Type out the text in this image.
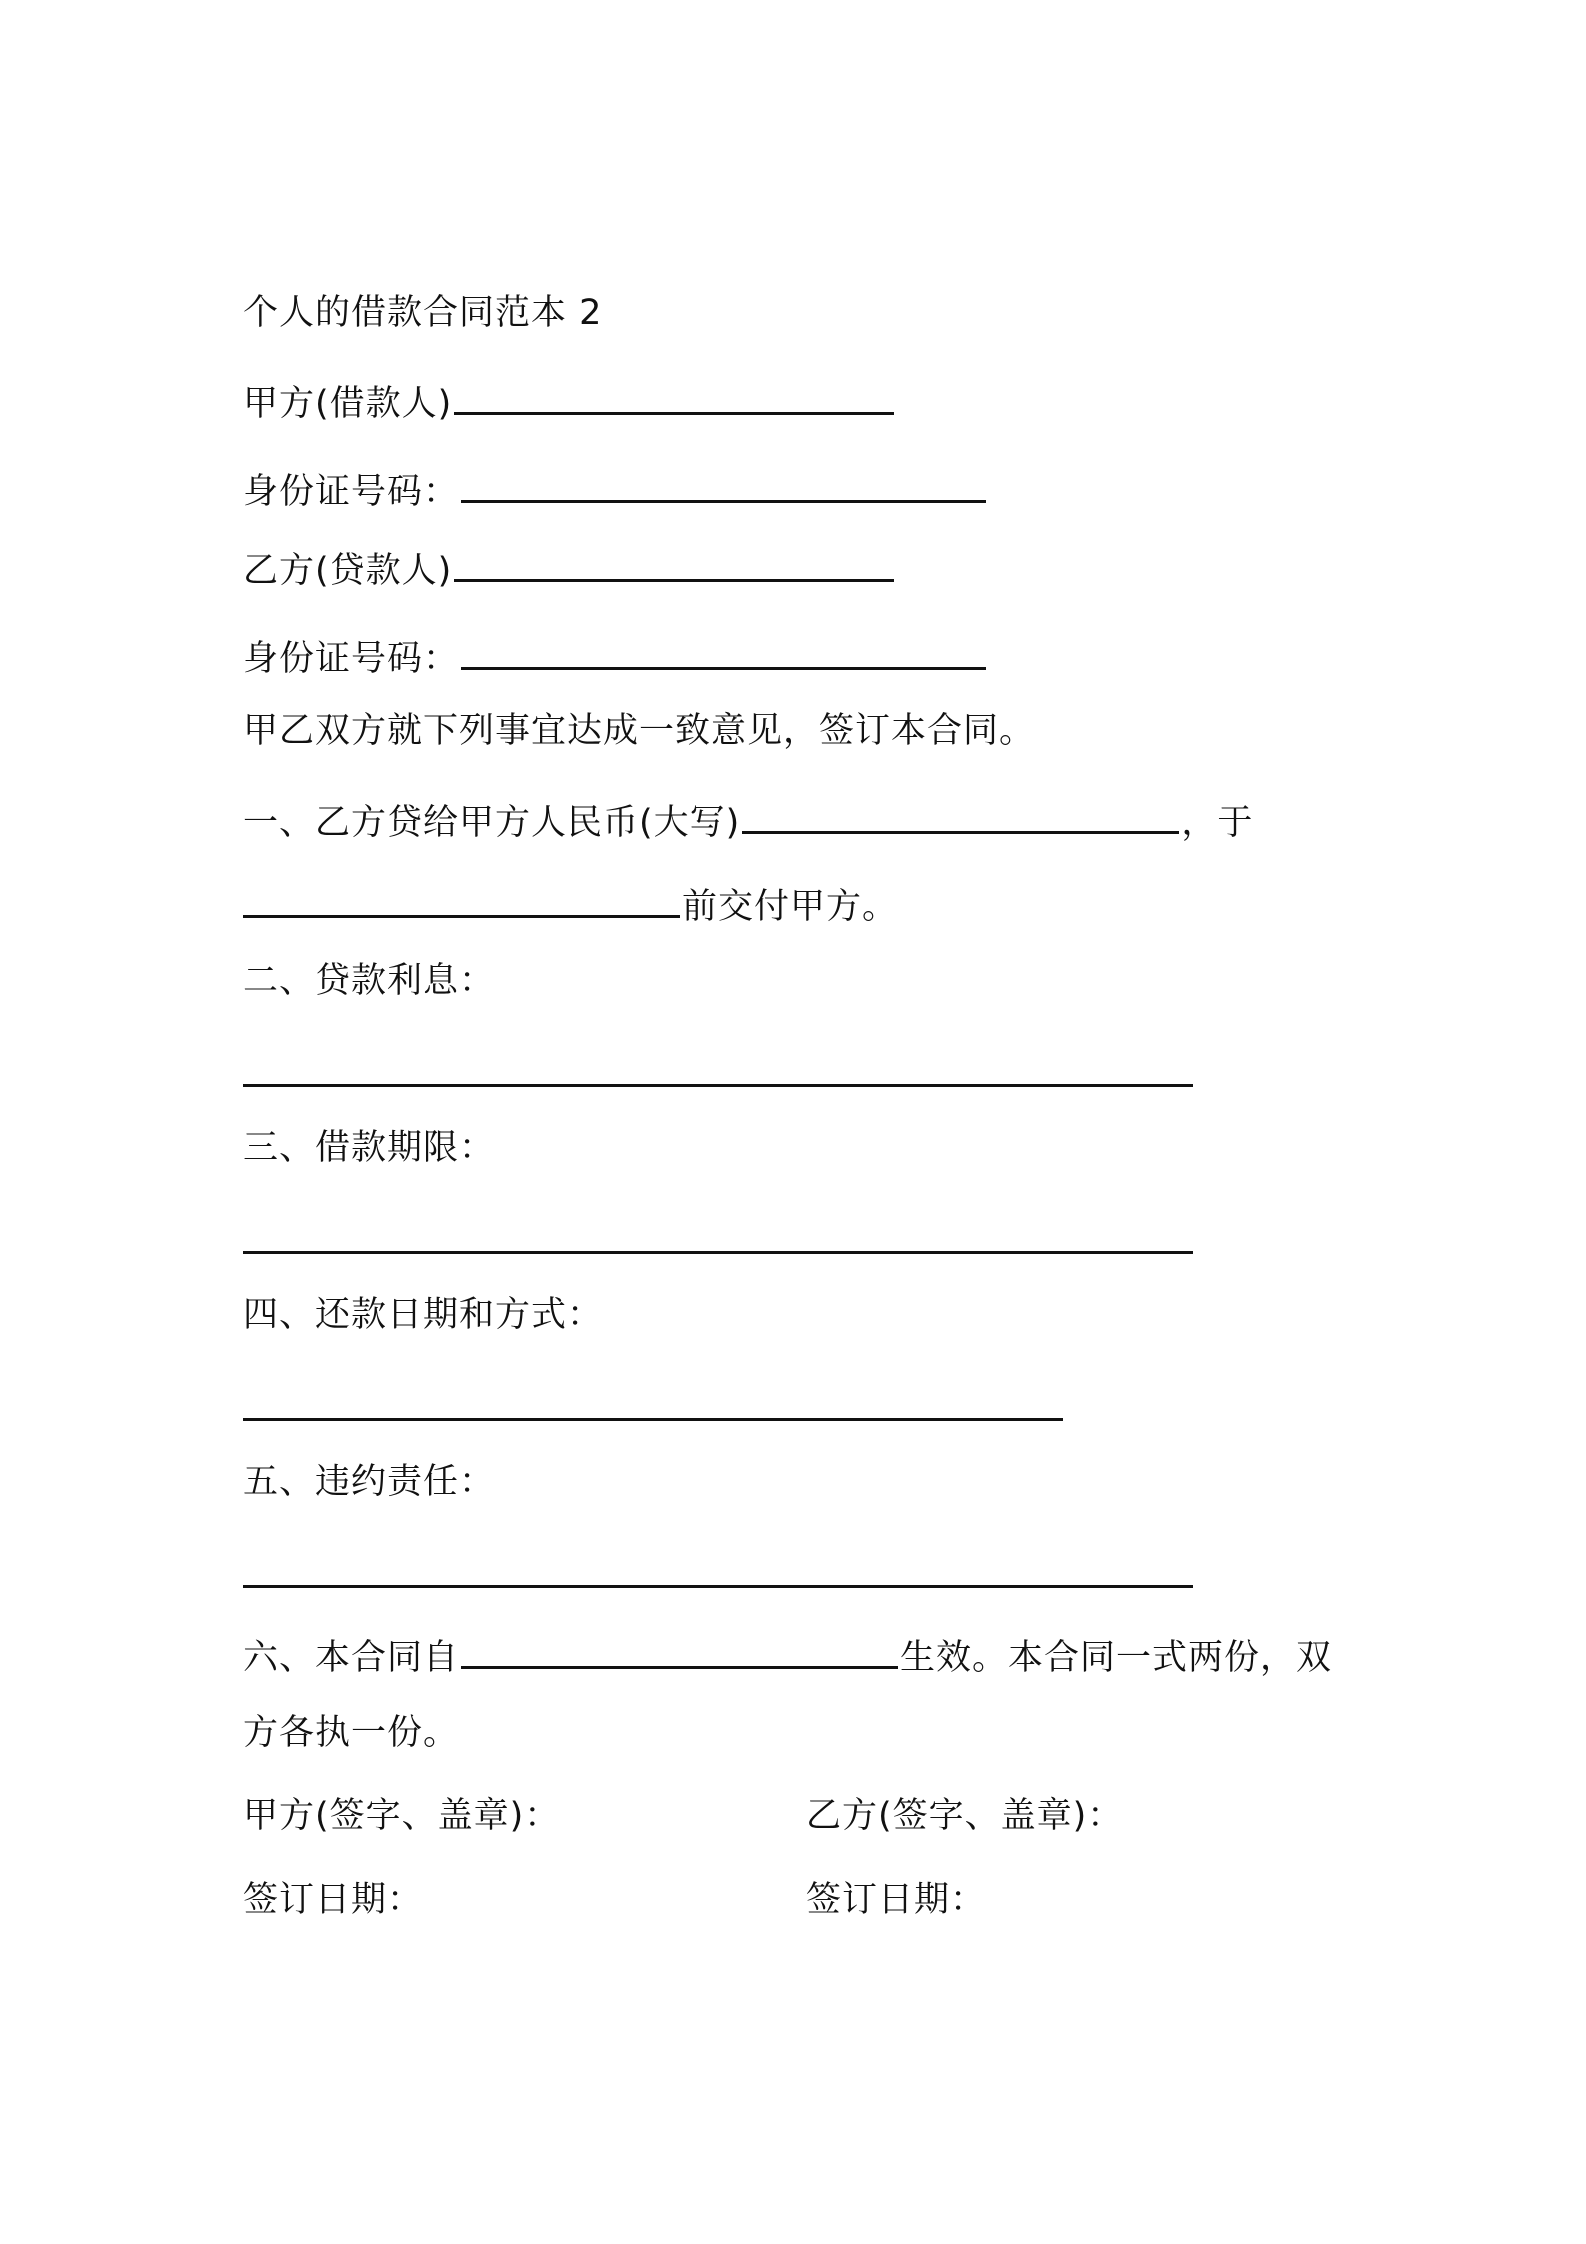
个人的借款合同范本 2
甲方(借款人)
身份证号码：
乙方(贷款人)
身份证号码：
甲乙双方就下列事宜达成一致意见，签订本合同。
一、乙方贷给甲方人民币(大写)	，于
前交付甲方。
二、贷款利息：
三、借款期限：
四、还款日期和方式：
五、违约责任：
六、本合同自	生效。本合同一式两份，双
方各执一份。
甲方(签字、盖章)：	乙方(签字、盖章)：
签订日期：	签订日期：
